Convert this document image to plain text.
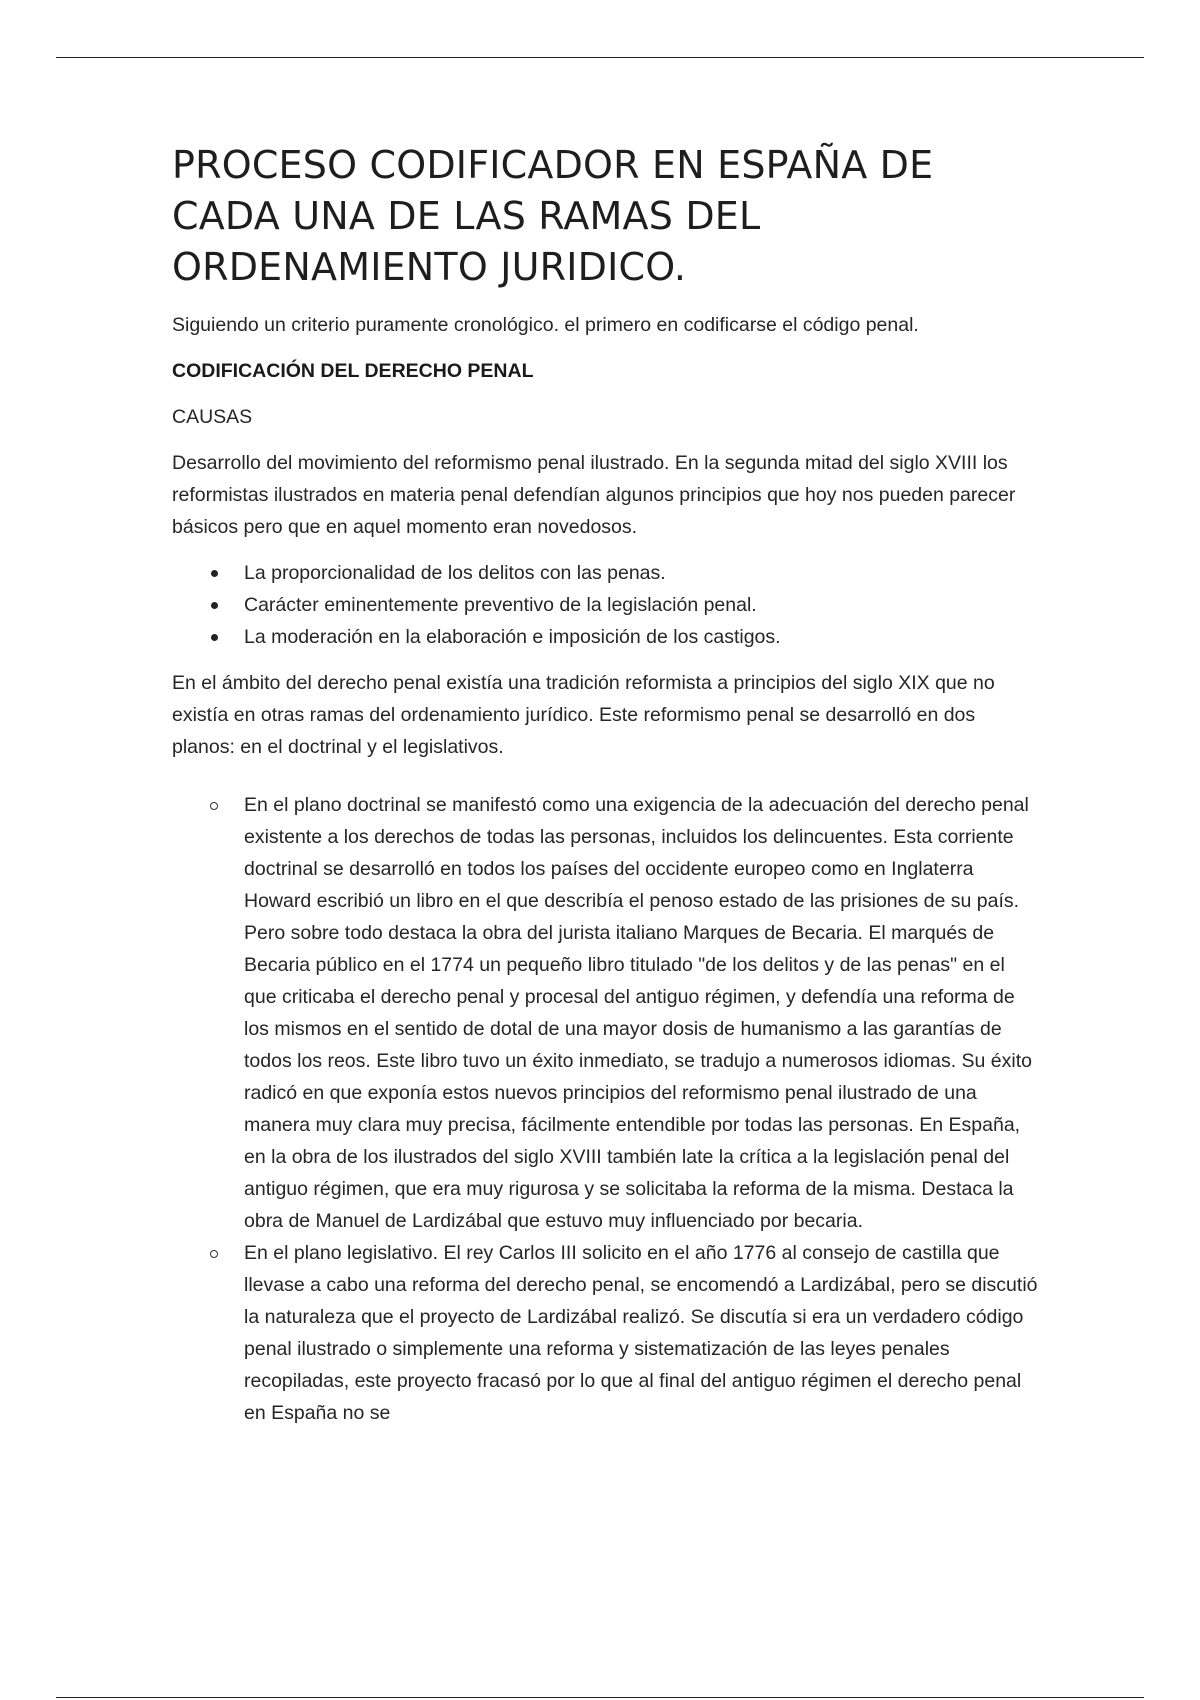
PROCESO CODIFICADOR EN ESPAÑA DE CADA UNA DE LAS RAMAS DEL ORDENAMIENTO JURIDICO.

Siguiendo un criterio puramente cronológico. el primero en codificarse el código penal.

CODIFICACIÓN DEL DERECHO PENAL

CAUSAS

Desarrollo del movimiento del reformismo penal ilustrado. En la segunda mitad del siglo XVIII los reformistas ilustrados en materia penal defendían algunos principios que hoy nos pueden parecer básicos pero que en aquel momento eran novedosos.

La proporcionalidad de los delitos con las penas.
Carácter eminentemente preventivo de la legislación penal.
La moderación en la elaboración e imposición de los castigos.

En el ámbito del derecho penal existía una tradición reformista a principios del siglo XIX que no existía en otras ramas del ordenamiento jurídico. Este reformismo penal se desarrolló en dos planos: en el doctrinal y el legislativos.

En el plano doctrinal se manifestó como una exigencia de la adecuación del derecho penal existente a los derechos de todas las personas, incluidos los delincuentes. Esta corriente doctrinal se desarrolló en todos los países del occidente europeo como en Inglaterra Howard escribió un libro en el que describía el penoso estado de las prisiones de su país. Pero sobre todo destaca la obra del jurista italiano Marques de Becaria. El marqués de Becaria público en el 1774 un pequeño libro titulado "de los delitos y de las penas" en el que criticaba el derecho penal y procesal del antiguo régimen, y defendía una reforma de los mismos en el sentido de dotal de una mayor dosis de humanismo a las garantías de todos los reos. Este libro tuvo un éxito inmediato, se tradujo a numerosos idiomas. Su éxito radicó en que exponía estos nuevos principios del reformismo penal ilustrado de una manera muy clara muy precisa, fácilmente entendible por todas las personas. En España, en la obra de los ilustrados del siglo XVIII también late la crítica a la legislación penal del antiguo régimen, que era muy rigurosa y se solicitaba la reforma de la misma. Destaca la obra de Manuel de Lardizábal que estuvo muy influenciado por becaria.
En el plano legislativo. El rey Carlos III solicito en el año 1776 al consejo de castilla que llevase a cabo una reforma del derecho penal, se encomendó a Lardizábal, pero se discutió la naturaleza que el proyecto de Lardizábal realizó. Se discutía si era un verdadero código penal ilustrado o simplemente una reforma y sistematización de las leyes penales recopiladas, este proyecto fracasó por lo que al final del antiguo régimen el derecho penal en España no se
